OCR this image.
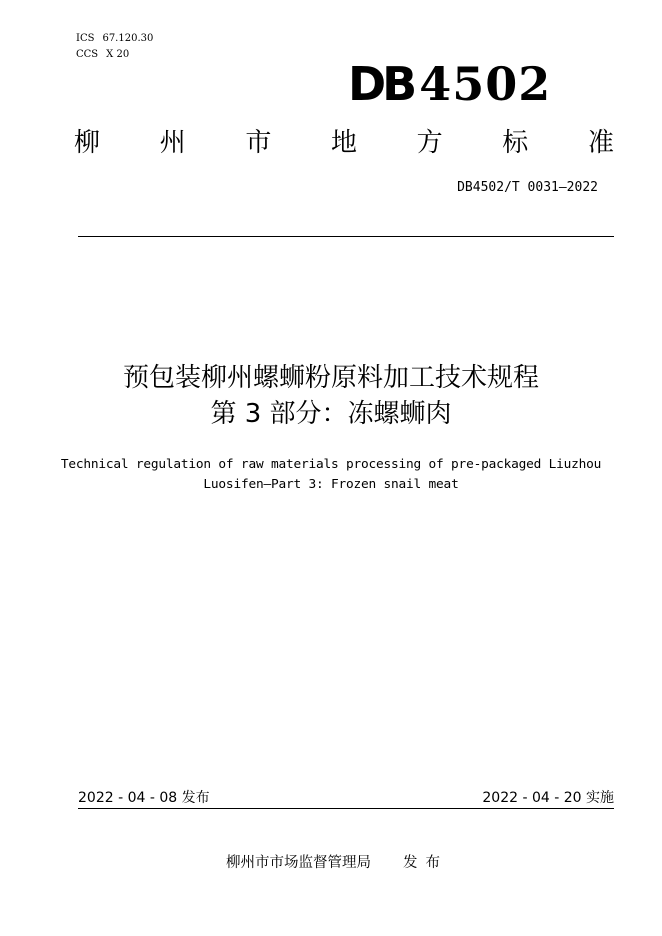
ICS 67.120.30
CCS X 20
DB 4502
柳 州 市 地 方 标 准
DB4502/T 0031—2022
预包装柳州螺蛳粉原料加工技术规程
第 3 部分：冻螺蛳肉
Technical regulation of raw materials processing of pre-packaged Liuzhou
Luosifen—Part 3: Frozen snail meat
2022 - 04 - 08 发布	2022 - 04 - 20 实施
柳州市市场监督管理局 发布
